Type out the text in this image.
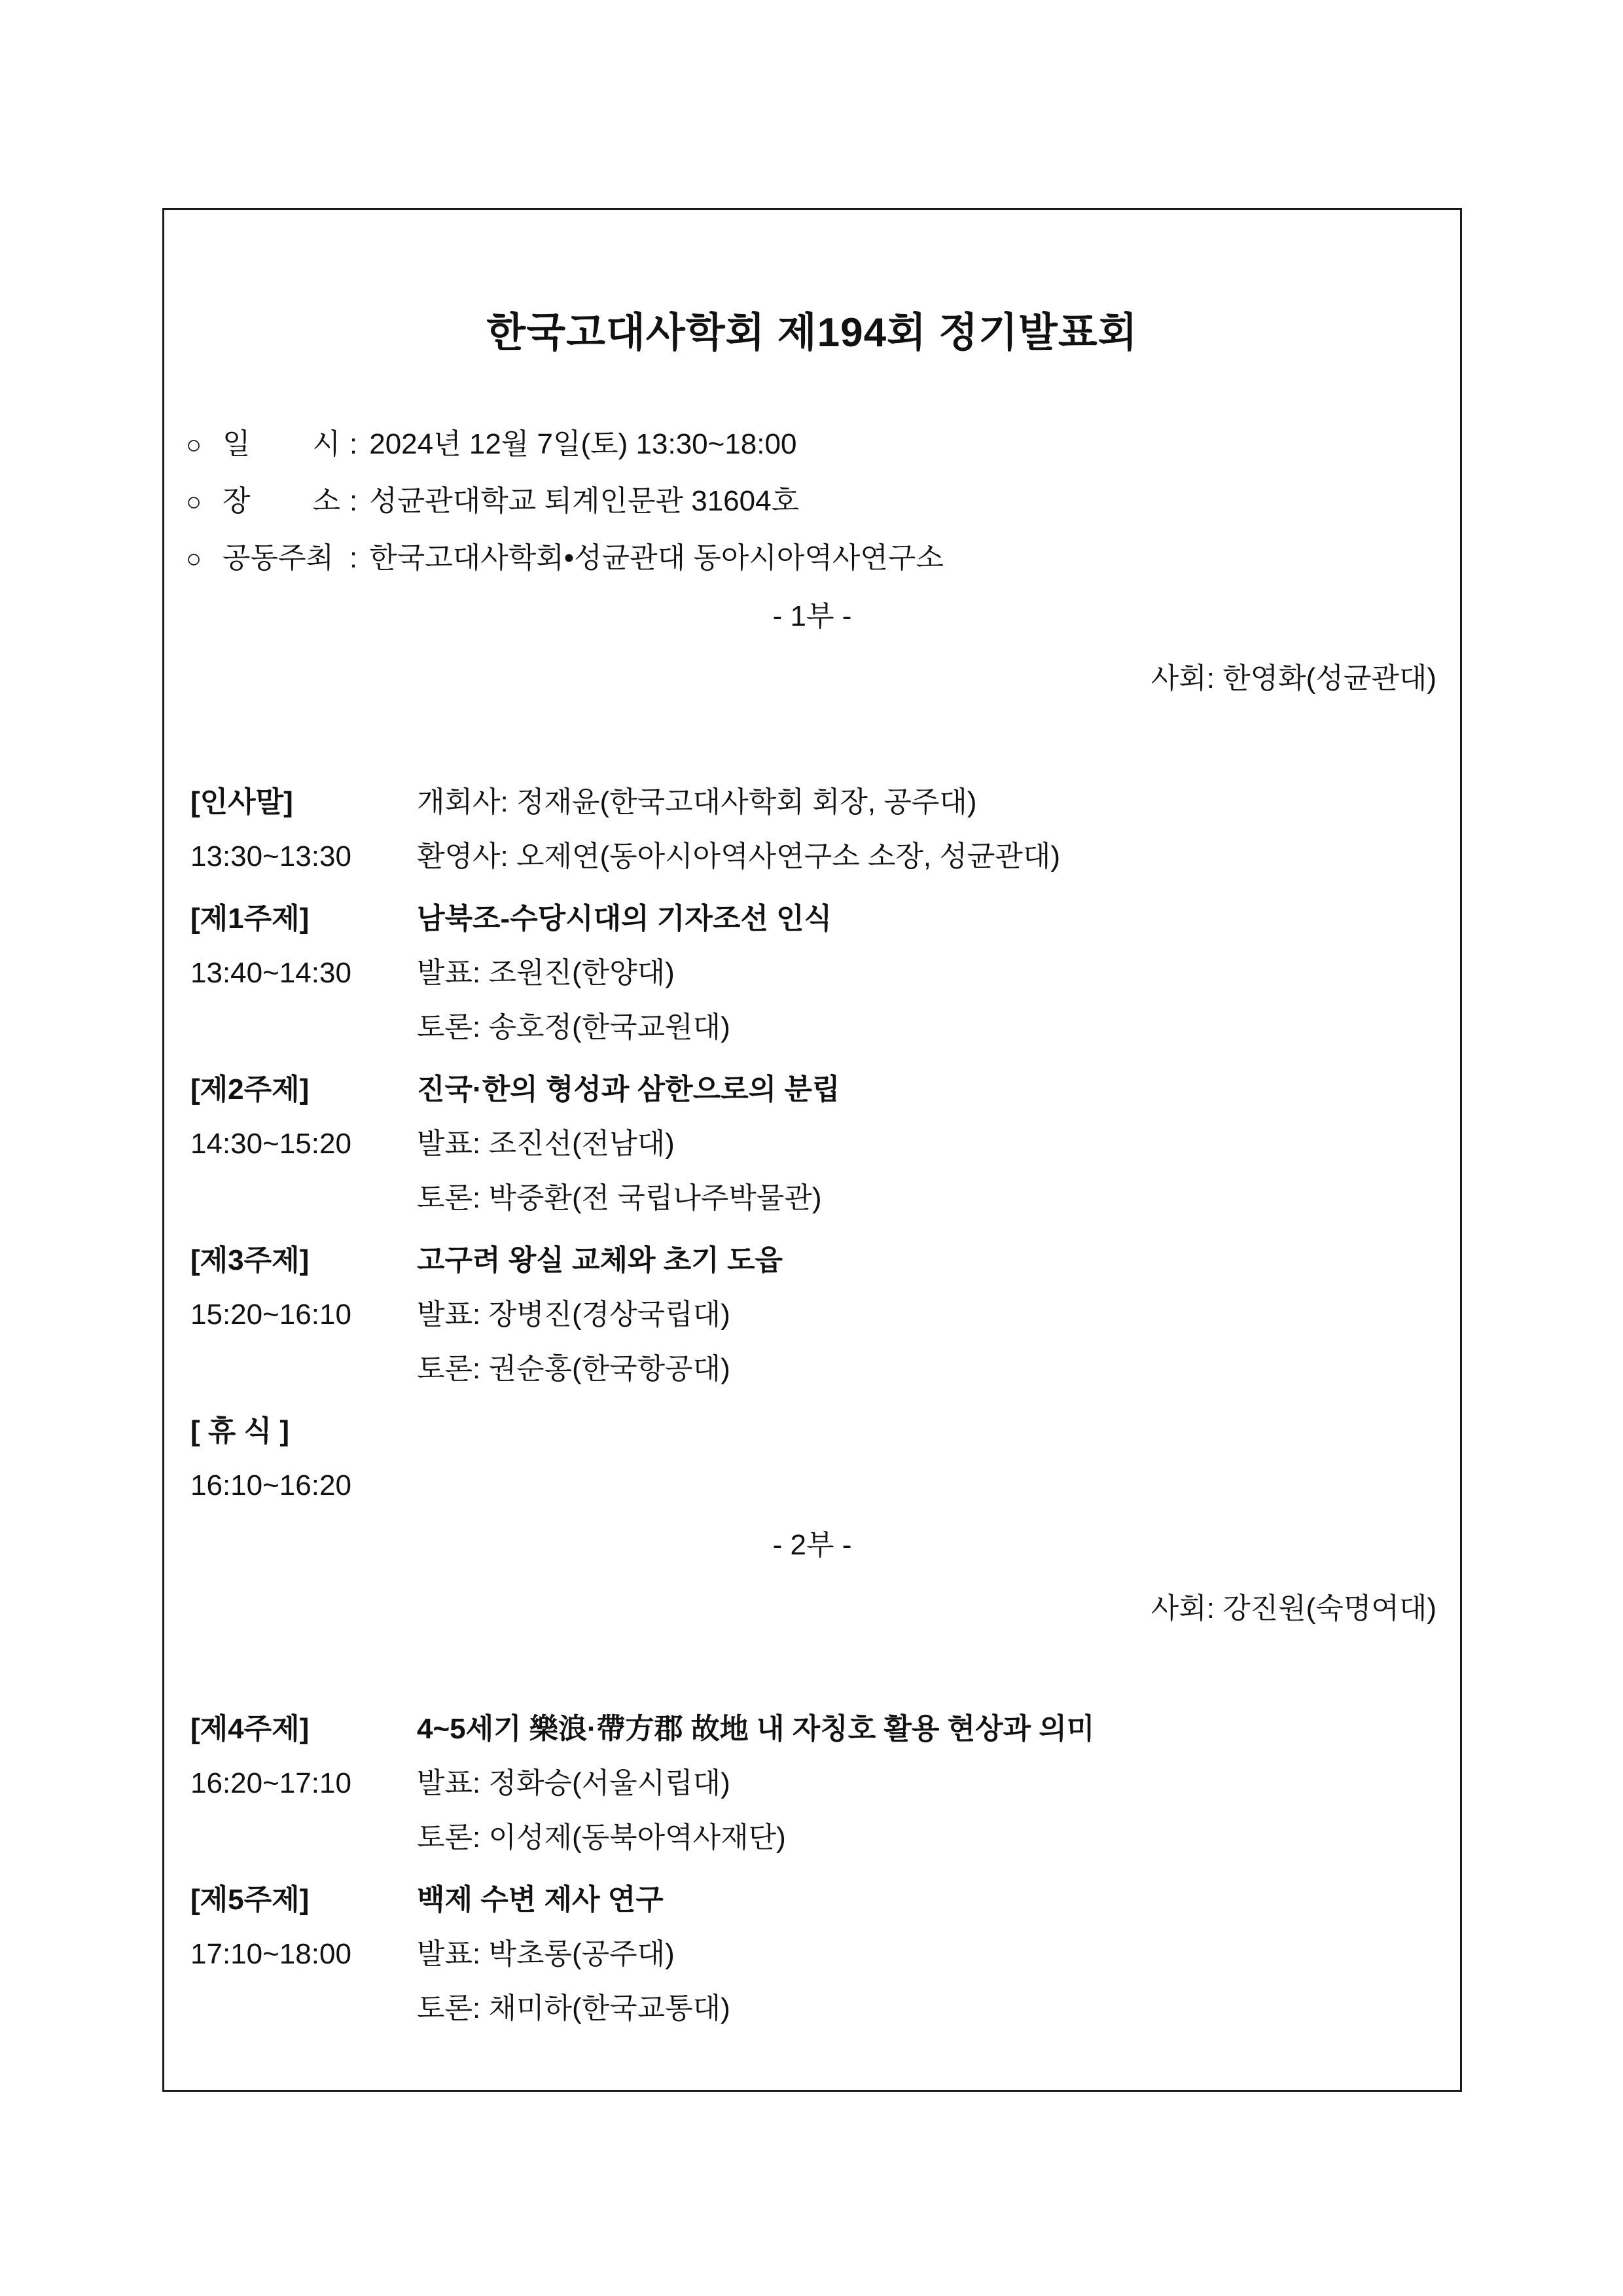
한국고대사학회 제194회 정기발표회
○ 일 시 : 2024년 12월 7일(토) 13:30~18:00
○ 장 소 : 성균관대학교 퇴계인문관 31604호
○ 공동주최 : 한국고대사학회•성균관대 동아시아역사연구소
- 1부 -
사회: 한영화(성균관대)
[인사말]	개회사: 정재윤(한국고대사학회 회장, 공주대)
13:30~13:30	환영사: 오제연(동아시아역사연구소 소장, 성균관대)
[제1주제]	남북조-수당시대의 기자조선 인식
13:40~14:30	발표: 조원진(한양대)
토론: 송호정(한국교원대)
[제2주제]	진국·한의 형성과 삼한으로의 분립
14:30~15:20	발표: 조진선(전남대)
토론: 박중환(전 국립나주박물관)
[제3주제]	고구려 왕실 교체와 초기 도읍
15:20~16:10	발표: 장병진(경상국립대)
토론: 권순홍(한국항공대)
[ 휴 식 ]
16:10~16:20
- 2부 -
사회: 강진원(숙명여대)
[제4주제]	4~5세기 樂浪·帶方郡 故地 내 자칭호 활용 현상과 의미
16:20~17:10	발표: 정화승(서울시립대)
토론: 이성제(동북아역사재단)
[제5주제]	백제 수변 제사 연구
17:10~18:00	발표: 박초롱(공주대)
토론: 채미하(한국교통대)
